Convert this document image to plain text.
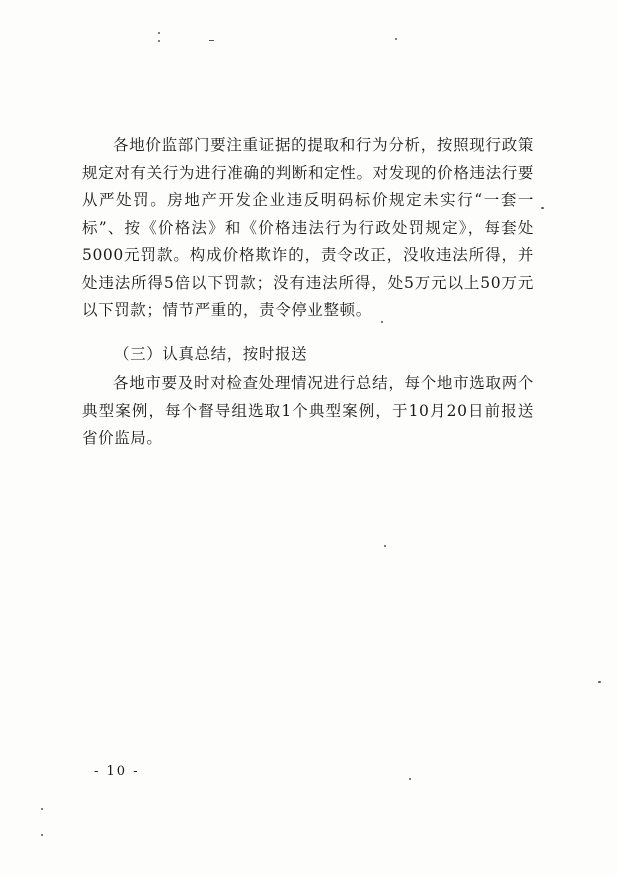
各地价监部门要注重证据的提取和行为分析，按照现行政策规定对有关行为进行准确的判断和定性。对发现的价格违法行要从严处罚。房地产开发企业违反明码标价规定未实行“一套一标”、按《价格法》和《价格违法行为行政处罚规定》，每套处5000元罚款。构成价格欺诈的，责令改正，没收违法所得，并处违法所得5倍以下罚款；没有违法所得，处5万元以上50万元以下罚款；情节严重的，责令停业整顿。

（三）认真总结，按时报送

各地市要及时对检查处理情况进行总结，每个地市选取两个典型案例，每个督导组选取1个典型案例，于10月20日前报送省价监局。

- 10 -
